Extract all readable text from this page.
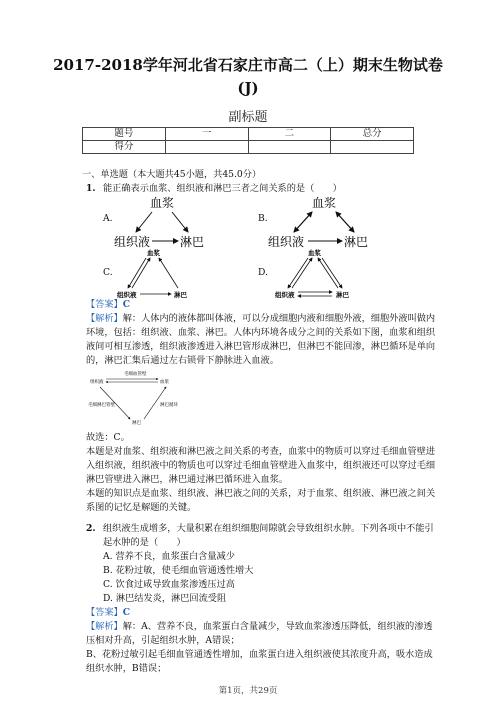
2017-2018学年河北省石家庄市高二（上）期末生物试卷
(J)
副标题
题号	一	二	总分
得分			
一、单选题（本大题共45小题，共45.0分）
1. 能正确表示血浆、组织液和淋巴三者之间关系的是（　　）
A.	B.
C.	D.
血浆
组织液 淋巴
血浆
组织液	淋巴
血浆
组织液	淋巴
血浆
组织液	淋巴
【答案】C
【解析】解：人体内的液体都叫体液，可以分成细胞内液和细胞外液，细胞外液叫做内
环境，包括：组织液、血浆、淋巴。人体内环境各成分之间的关系如下图，血浆和组织
液间可相互渗透，组织液渗透进入淋巴管形成淋巴，但淋巴不能回渗，淋巴循环是单向
的，淋巴汇集后通过左右锁骨下静脉进入血液。
毛细血管壁
组织液	血浆
毛细淋巴管壁	淋巴循环
淋巴
故选：C。
本题是对血浆、组织液和淋巴液之间关系的考查，血浆中的物质可以穿过毛细血管壁进
入组织液，组织液中的物质也可以穿过毛细血管壁进入血浆中，组织液还可以穿过毛细
淋巴管壁进入淋巴，淋巴通过淋巴循环进入血浆。
本题的知识点是血浆、组织液、淋巴液之间的关系，对于血浆、组织液、淋巴液之间关
系图的记忆是解题的关键。
2. 组织液生成增多，大量积累在组织细胞间隙就会导致组织水肿。下列各项中不能引
起水肿的是（　　）
A. 营养不良，血浆蛋白含量减少
B. 花粉过敏，使毛细血管通透性增大
C. 饮食过咸导致血浆渗透压过高
D. 淋巴结发炎，淋巴回流受阻
【答案】C
【解析】解：A、营养不良，血浆蛋白含量减少，导致血浆渗透压降低，组织液的渗透
压相对升高，引起组织水肿，A错误；
B、花粉过敏引起毛细血管通透性增加，血浆蛋白进入组织液使其浓度升高，吸水造成
组织水肿，B错误；
第1页，共29页
